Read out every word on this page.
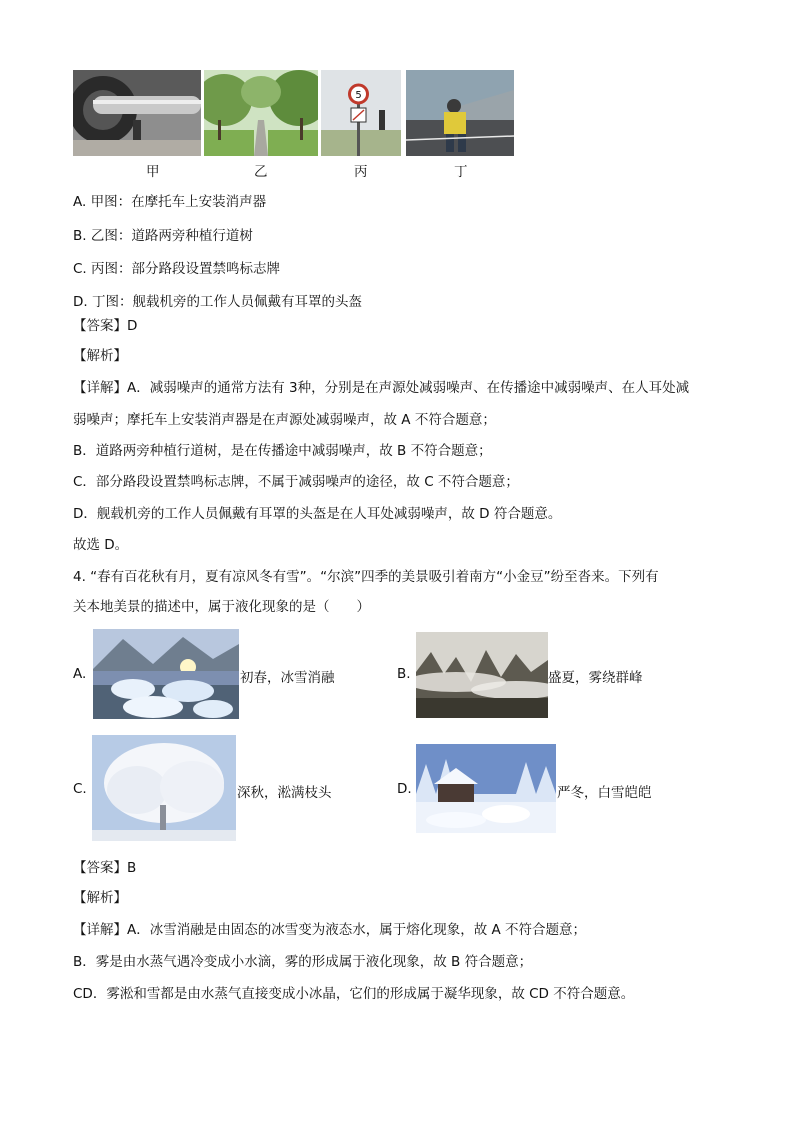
5
甲	乙	丙	丁
A. 甲图：在摩托车上安装消声器
B. 乙图：道路两旁种植行道树
C. 丙图：部分路段设置禁鸣标志牌
D. 丁图：舰载机旁的工作人员佩戴有耳罩的头盔
【答案】D
【解析】
【详解】A．减弱噪声的通常方法有 3种，分别是在声源处减弱噪声、在传播途中减弱噪声、在人耳处减
弱噪声；摩托车上安装消声器是在声源处减弱噪声，故 A 不符合题意；
B．道路两旁种植行道树，是在传播途中减弱噪声，故 B 不符合题意；
C．部分路段设置禁鸣标志牌，不属于减弱噪声的途径，故 C 不符合题意；
D．舰载机旁的工作人员佩戴有耳罩的头盔是在人耳处减弱噪声，故 D 符合题意。
故选 D。
4. “春有百花秋有月，夏有凉风冬有雪”。“尔滨”四季的美景吸引着南方“小金豆”纷至沓来。下列有
关本地美景的描述中，属于液化现象的是（　　）
A.	初春，冰雪消融	B.	盛夏，雾绕群峰
C.	深秋，淞满枝头	D.	严冬，白雪皑皑
【答案】B
【解析】
【详解】A．冰雪消融是由固态的冰雪变为液态水，属于熔化现象，故 A 不符合题意；
B．雾是由水蒸气遇冷变成小水滴，雾的形成属于液化现象，故 B 符合题意；
CD．雾淞和雪都是由水蒸气直接变成小冰晶，它们的形成属于凝华现象，故 CD 不符合题意。
